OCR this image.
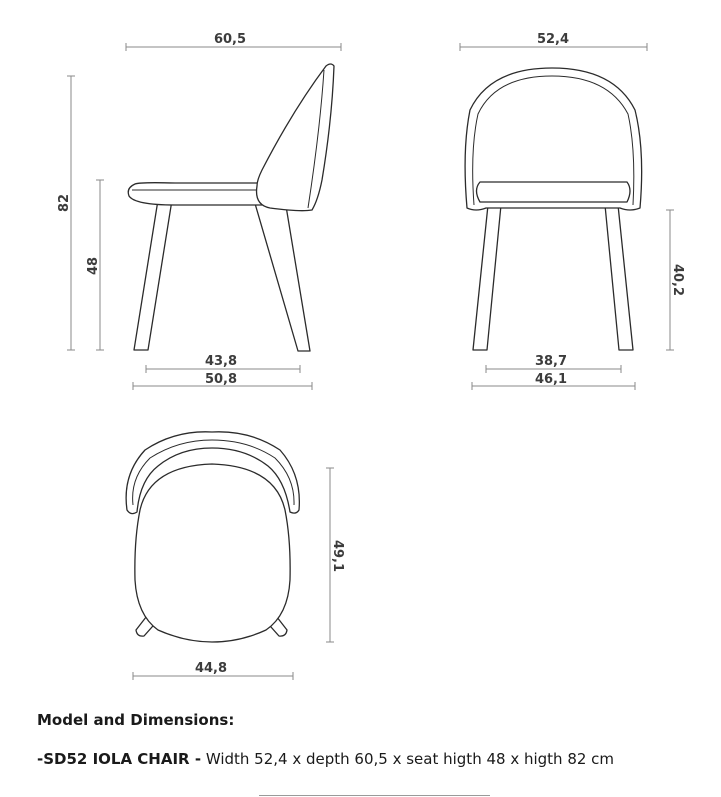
60,5
82
48
52,4
40,2
43,8
50,8
38,7
46,1
49,1
44,8

Model and Dimensions:

-SD52 IOLA CHAIR - Width 52,4 x depth 60,5 x seat higth 48 x higth 82 cm
